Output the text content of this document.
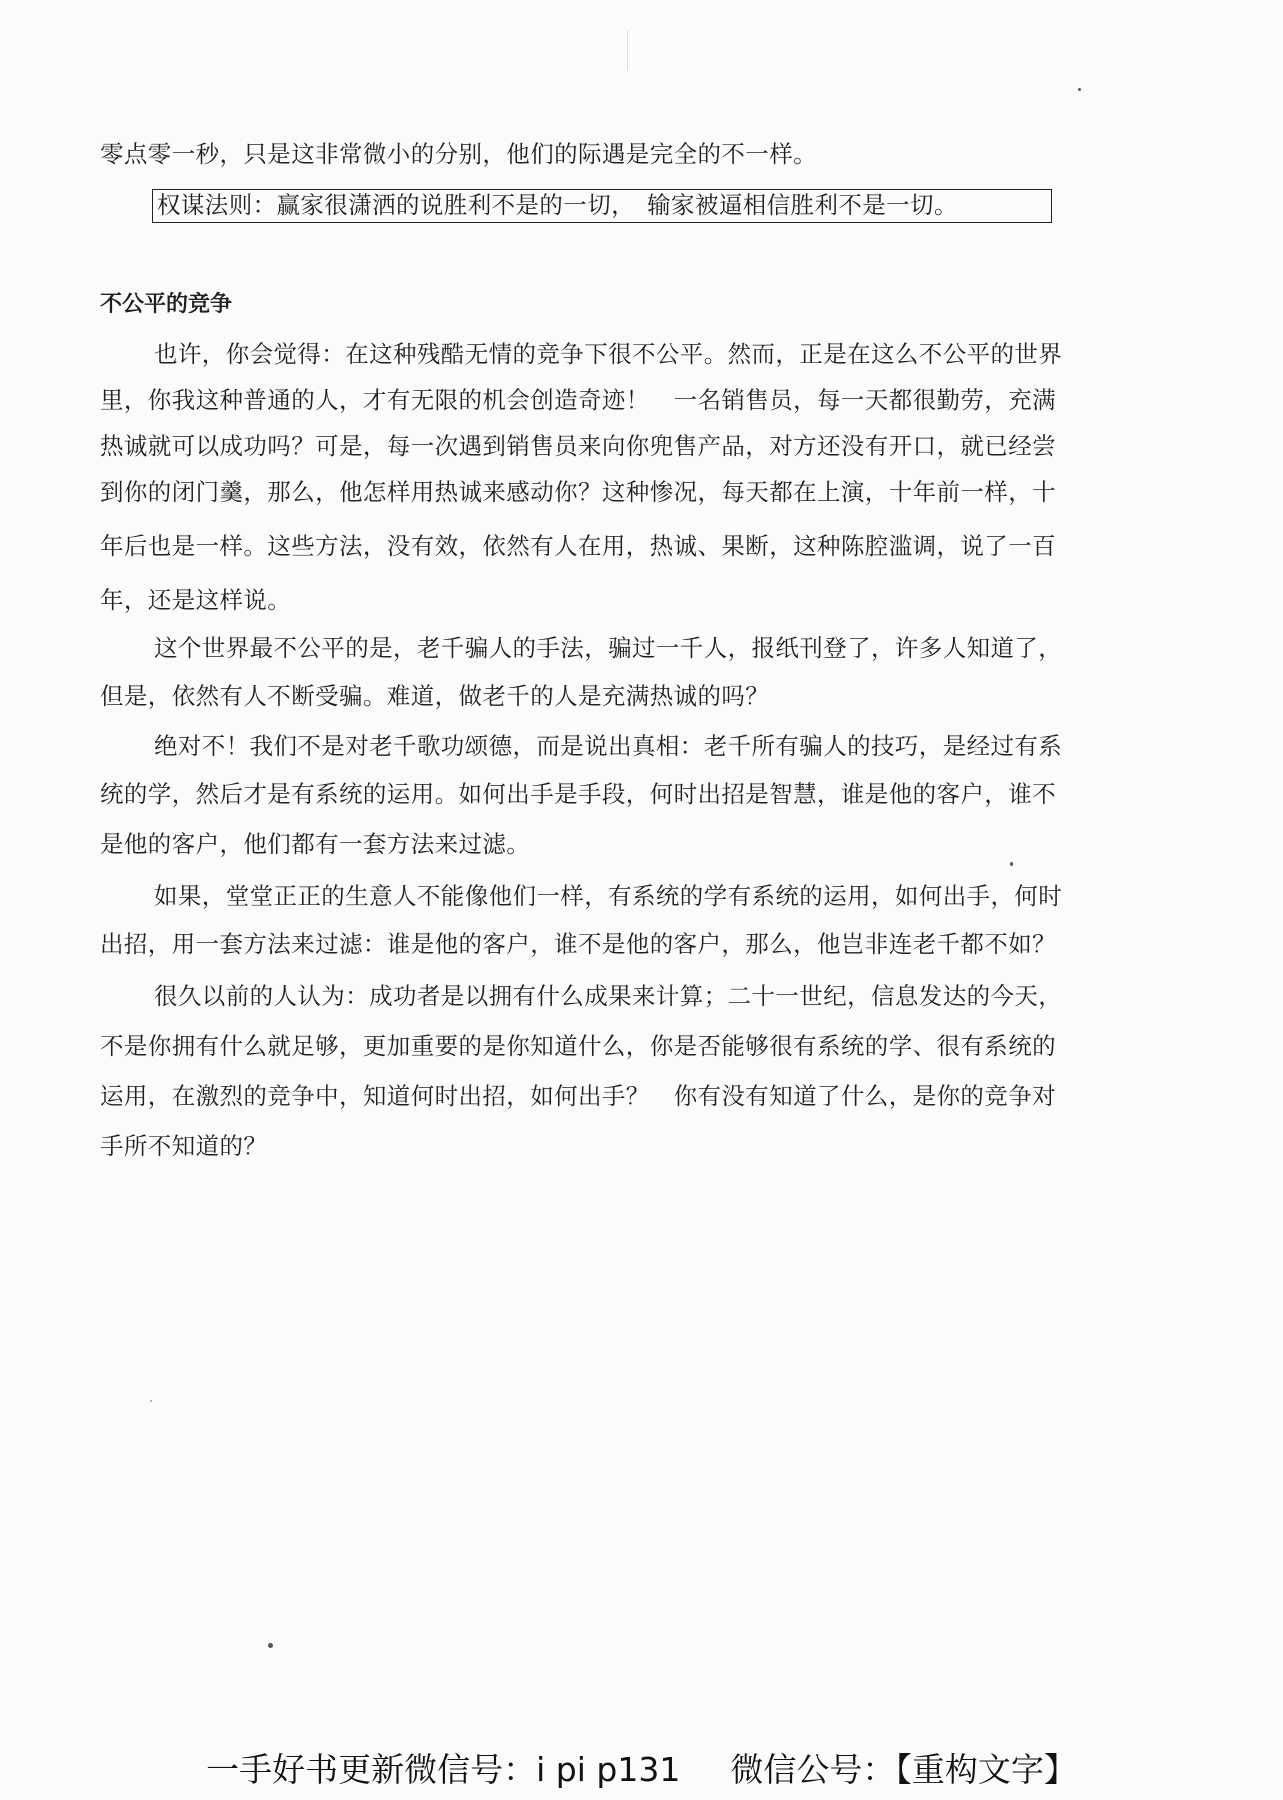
零点零一秒，只是这非常微小的分别，他们的际遇是完全的不一样。
权谋法则：赢家很潇洒的说胜利不是的一切，　输家被逼相信胜利不是一切。
不公平的竞争
也许，你会觉得：在这种残酷无情的竞争下很不公平。然而，正是在这么不公平的世界
里，你我这种普通的人，才有无限的机会创造奇迹！　一名销售员，每一天都很勤劳，充满
热诚就可以成功吗？可是，每一次遇到销售员来向你兜售产品，对方还没有开口，就已经尝
到你的闭门羹，那么，他怎样用热诚来感动你？这种惨况，每天都在上演，十年前一样，十
年后也是一样。这些方法，没有效，依然有人在用，热诚、果断，这种陈腔滥调，说了一百
年，还是这样说。
这个世界最不公平的是，老千骗人的手法，骗过一千人，报纸刊登了，许多人知道了，
但是，依然有人不断受骗。难道，做老千的人是充满热诚的吗？
绝对不！我们不是对老千歌功颂德，而是说出真相：老千所有骗人的技巧，是经过有系
统的学，然后才是有系统的运用。如何出手是手段，何时出招是智慧，谁是他的客户，谁不
是他的客户，他们都有一套方法来过滤。
如果，堂堂正正的生意人不能像他们一样，有系统的学有系统的运用，如何出手，何时
出招，用一套方法来过滤：谁是他的客户，谁不是他的客户，那么，他岂非连老千都不如？
很久以前的人认为：成功者是以拥有什么成果来计算；二十一世纪，信息发达的今天，
不是你拥有什么就足够，更加重要的是你知道什么，你是否能够很有系统的学、很有系统的
运用，在激烈的竞争中，知道何时出招，如何出手？　你有没有知道了什么，是你的竞争对
手所不知道的？
一手好书更新微信号：i pi p131 微信公号：【重构文字】
